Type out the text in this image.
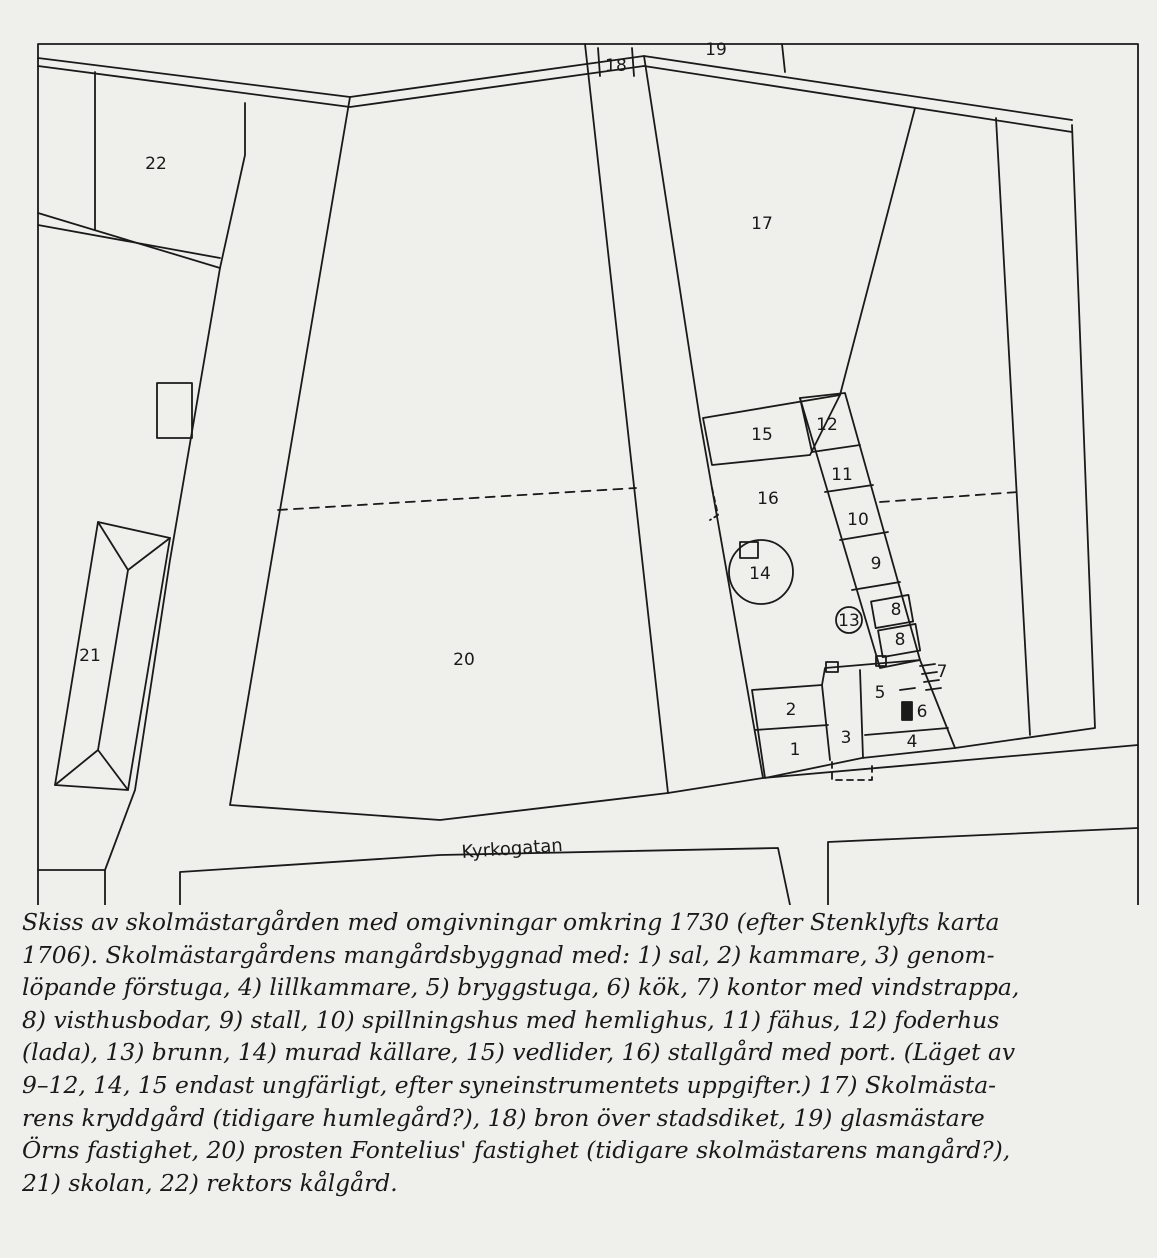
22
21	20
19
18
17
15	12
11
16
10
9
14
8
13
8
7
5
6
2
3	4
1
Kyrkogatan
Skiss av skolmästargården med omgivningar omkring 1730 (efter Stenklyfts karta
1706). Skolmästargårdens mangårdsbyggnad med: 1) sal, 2) kammare, 3) genom-
löpande förstuga, 4) lillkammare, 5) bryggstuga, 6) kök, 7) kontor med vindstrappa,
8) visthusbodar, 9) stall, 10) spillningshus med hemlighus, 11) fähus, 12) foderhus
(lada), 13) brunn, 14) murad källare, 15) vedlider, 16) stallgård med port. (Läget av
9–12, 14, 15 endast ungfärligt, efter syneinstrumentets uppgifter.) 17) Skolmästa-
rens kryddgård (tidigare humlegård?), 18) bron över stadsdiket, 19) glasmästare
Örns fastighet, 20) prosten Fontelius' fastighet (tidigare skolmästarens mangård?),
21) skolan, 22) rektors kålgård.
